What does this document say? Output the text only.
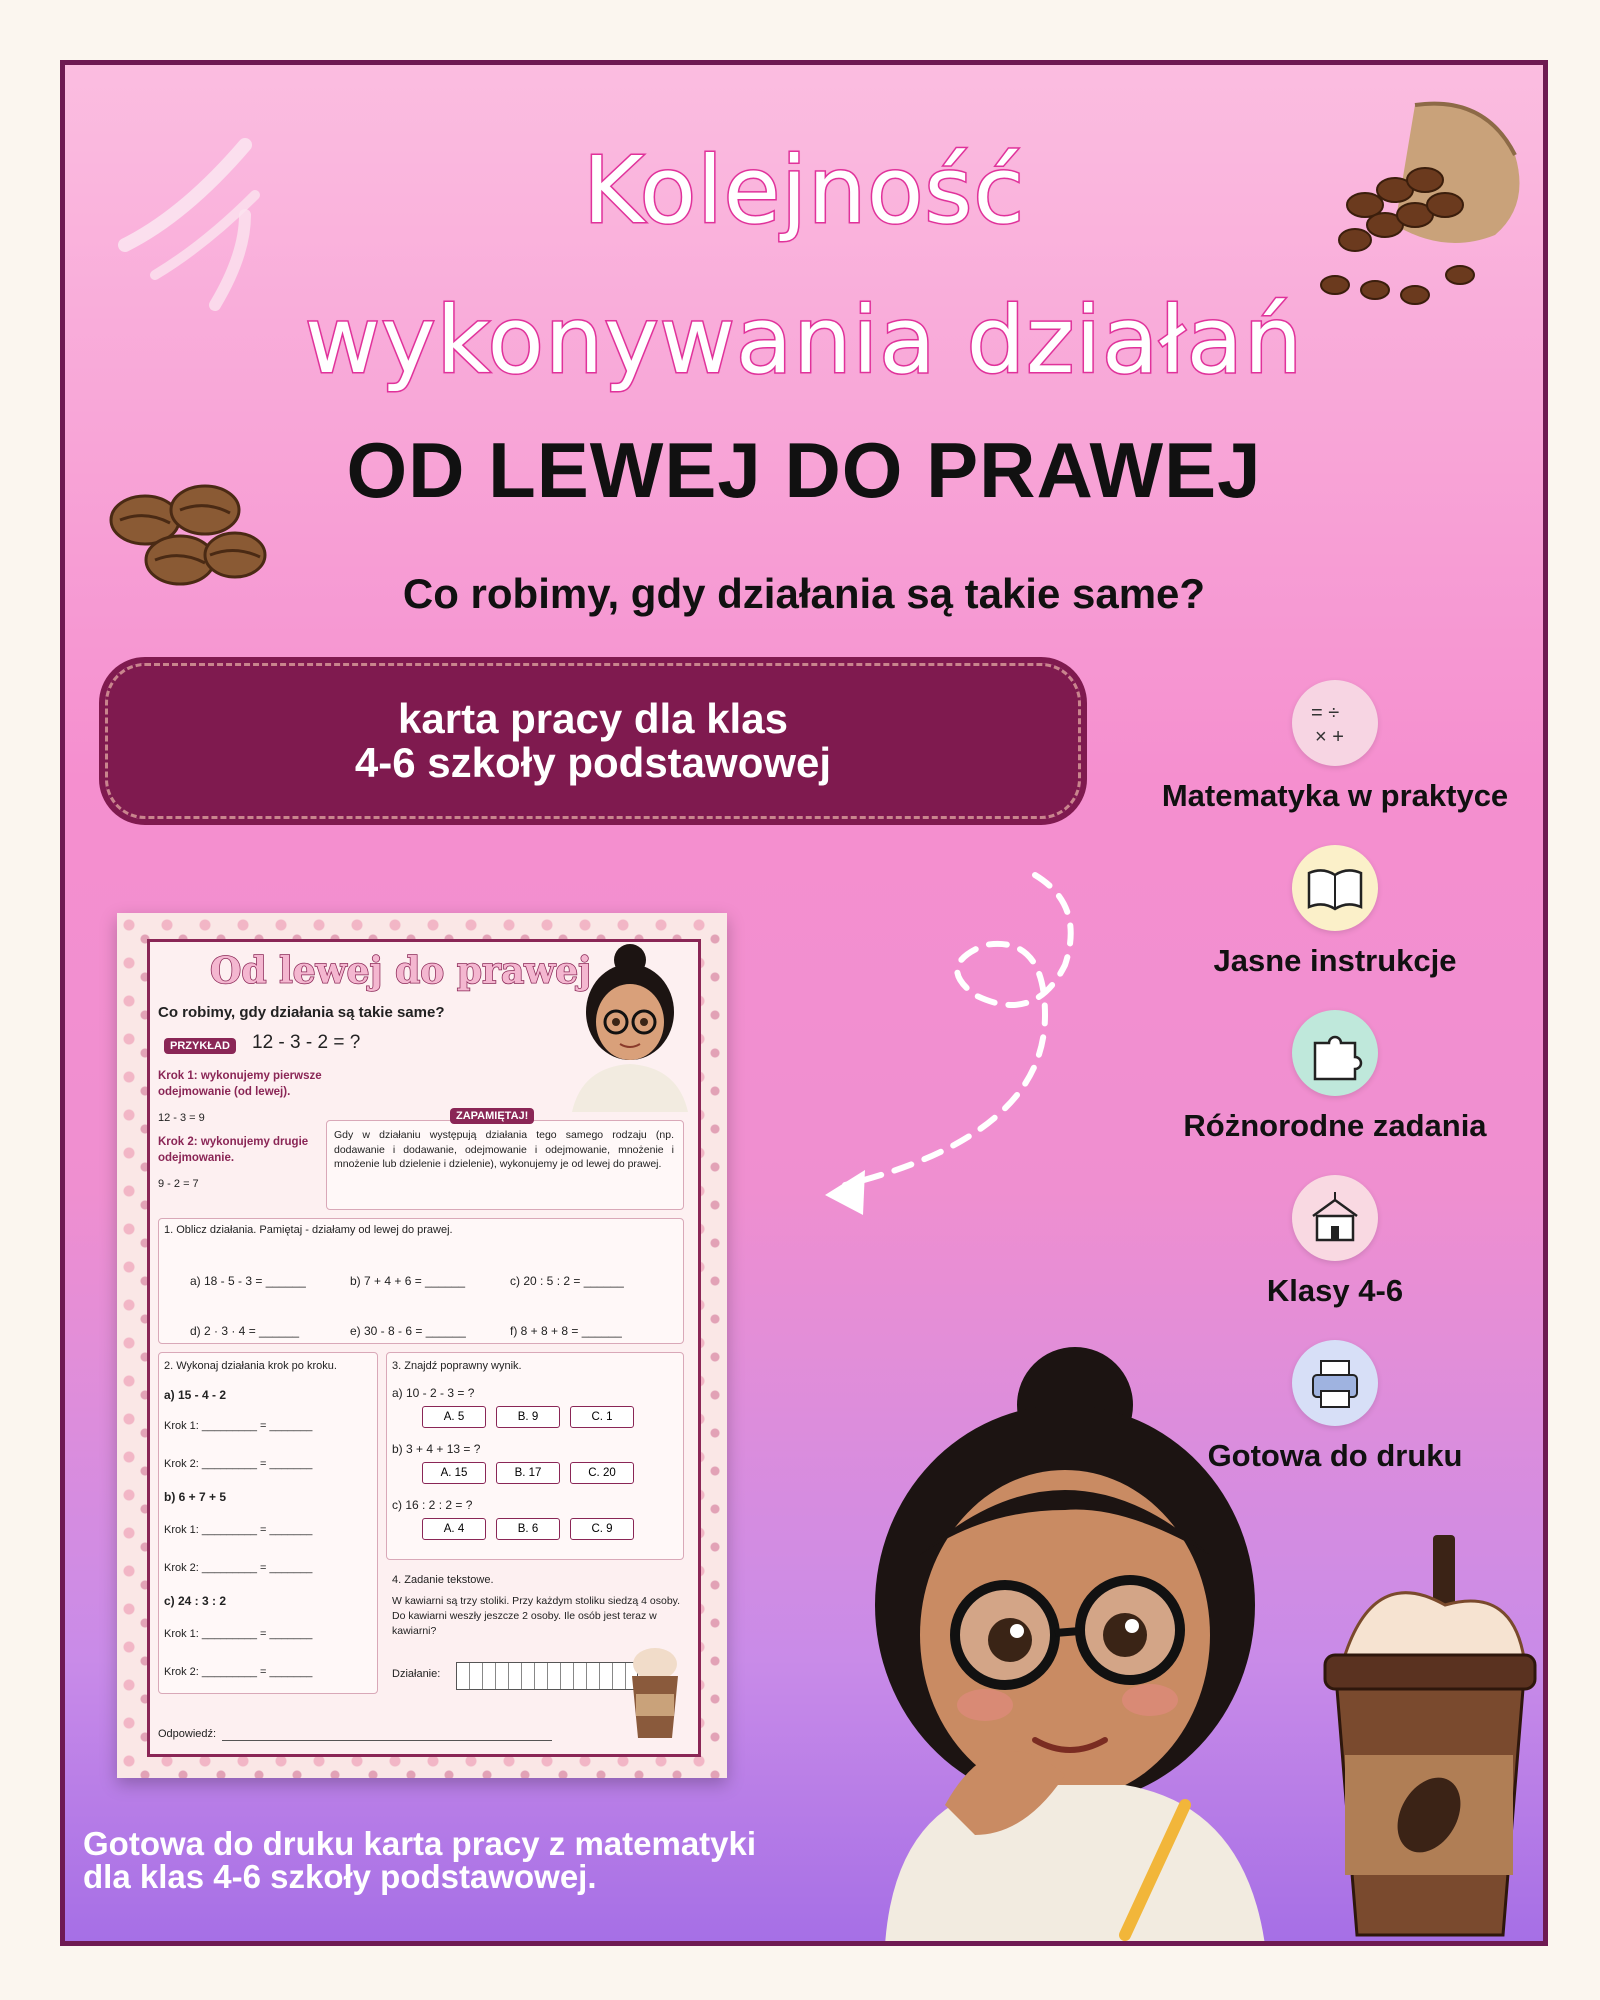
Kolejność
wykonywania działań
OD LEWEJ DO PRAWEJ
Co robimy, gdy działania są takie same?
karta pracy dla klas
4-6 szkoły podstawowej
= ÷
× +
Matematyka w praktyce
Jasne instrukcje
Różnorodne zadania
Klasy 4-6
Gotowa do druku
Od lewej do prawej
Co robimy, gdy działania są takie same?
PRZYKŁAD	12 - 3 - 2 = ?
Krok 1: wykonujemy pierwsze odejmowanie (od lewej).
12 - 3 = 9
Krok 2: wykonujemy drugie odejmowanie.
9 - 2 = 7
ZAPAMIĘTAJ!
Gdy w działaniu występują działania tego samego rodzaju (np. dodawanie i dodawanie, odejmowanie i odejmowanie, mnożenie i mnożenie lub dzielenie i dzielenie), wykonujemy je od lewej do prawej.
1. Oblicz działania. Pamiętaj - działamy od lewej do prawej.
a) 18 - 5 - 3 = ______	b) 7 + 4 + 6 = ______	c) 20 : 5 : 2 = ______
d) 2 · 3 · 4 = ______	e) 30 - 8 - 6 = ______	f) 8 + 8 + 8 = ______
2. Wykonaj działania krok po kroku.
a) 15 - 4 - 2
Krok 1: _________ = _______
Krok 2: _________ = _______
b) 6 + 7 + 5
Krok 1: _________ = _______
Krok 2: _________ = _______
c) 24 : 3 : 2
Krok 1: _________ = _______
Krok 2: _________ = _______
3. Znajdź poprawny wynik.
a) 10 - 2 - 3 = ?
A. 5	B. 9	C. 1
b) 3 + 4 + 13 = ?
A. 15	B. 17	C. 20
c) 16 : 2 : 2 = ?
A. 4	B. 6	C. 9
4. Zadanie tekstowe.
W kawiarni są trzy stoliki. Przy każdym stoliku siedzą 4 osoby. Do kawiarni weszły jeszcze 2 osoby. Ile osób jest teraz w kawiarni?
Działanie:
Odpowiedź:
Gotowa do druku karta pracy z matematyki
dla klas 4-6 szkoły podstawowej.
